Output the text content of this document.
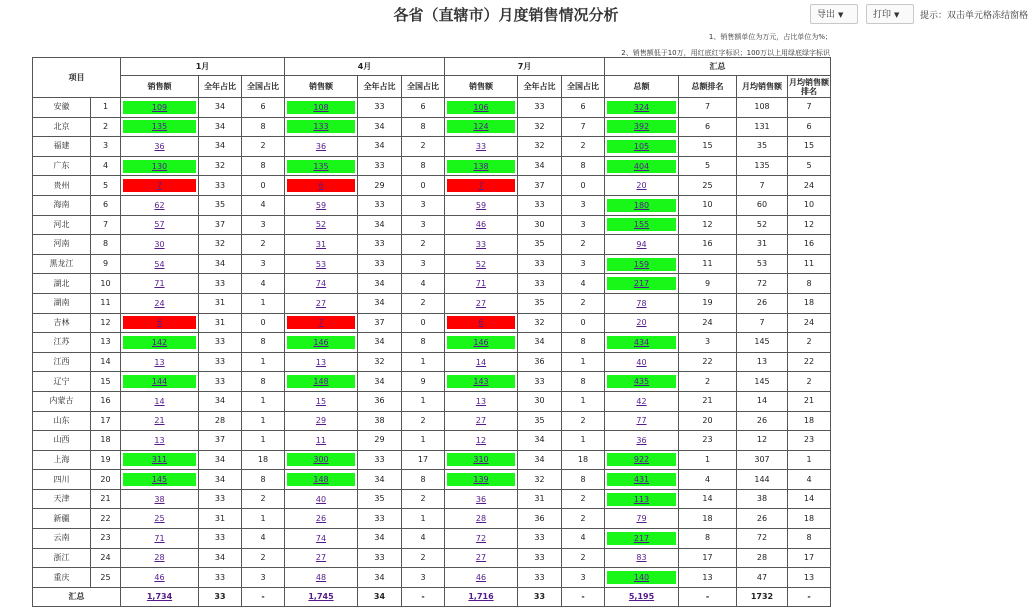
各省（直辖市）月度销售情况分析	导出 ▼	打印 ▼	提示：双击单元格冻结窗格
1、销售额单位为万元，占比单位为%；
2、销售额低于10万，用红底红字标识；100万以上用绿底绿字标识
项目		1月			4月			7月			汇总			
		销售额	全年占比	全国占比	销售额	全年占比	全国占比	销售额	全年占比	全国占比	总额	总额排名	月均销售额	月均销售额排名
安徽	1	109	34	6	108	33	6	106	33	6	324	7	108	7
北京	2	135	34	8	133	34	8	124	32	7	392	6	131	6
福建	3	36	34	2	36	34	2	33	32	2	105	15	35	15
广东	4	130	32	8	135	33	8	138	34	8	404	5	135	5
贵州	5	7	33	0	6	29	0	7	37	0	20	25	7	24
海南	6	62	35	4	59	33	3	59	33	3	180	10	60	10
河北	7	57	37	3	52	34	3	46	30	3	155	12	52	12
河南	8	30	32	2	31	33	2	33	35	2	94	16	31	16
黑龙江	9	54	34	3	53	33	3	52	33	3	159	11	53	11
湖北	10	71	33	4	74	34	4	71	33	4	217	9	72	8
湖南	11	24	31	1	27	34	2	27	35	2	78	19	26	18
吉林	12	6	31	0	7	37	0	6	32	0	20	24	7	24
江苏	13	142	33	8	146	34	8	146	34	8	434	3	145	2
江西	14	13	33	1	13	32	1	14	36	1	40	22	13	22
辽宁	15	144	33	8	148	34	9	143	33	8	435	2	145	2
内蒙古	16	14	34	1	15	36	1	13	30	1	42	21	14	21
山东	17	21	28	1	29	38	2	27	35	2	77	20	26	18
山西	18	13	37	1	11	29	1	12	34	1	36	23	12	23
上海	19	311	34	18	300	33	17	310	34	18	922	1	307	1
四川	20	145	34	8	148	34	8	139	32	8	431	4	144	4
天津	21	38	33	2	40	35	2	36	31	2	113	14	38	14
新疆	22	25	31	1	26	33	1	28	36	2	79	18	26	18
云南	23	71	33	4	74	34	4	72	33	4	217	8	72	8
浙江	24	28	34	2	27	33	2	27	33	2	83	17	28	17
重庆	25	46	33	3	48	34	3	46	33	3	140	13	47	13
汇总		1,734	33	-	1,745	34	-	1,716	33	-	5,195	-	1732	-
